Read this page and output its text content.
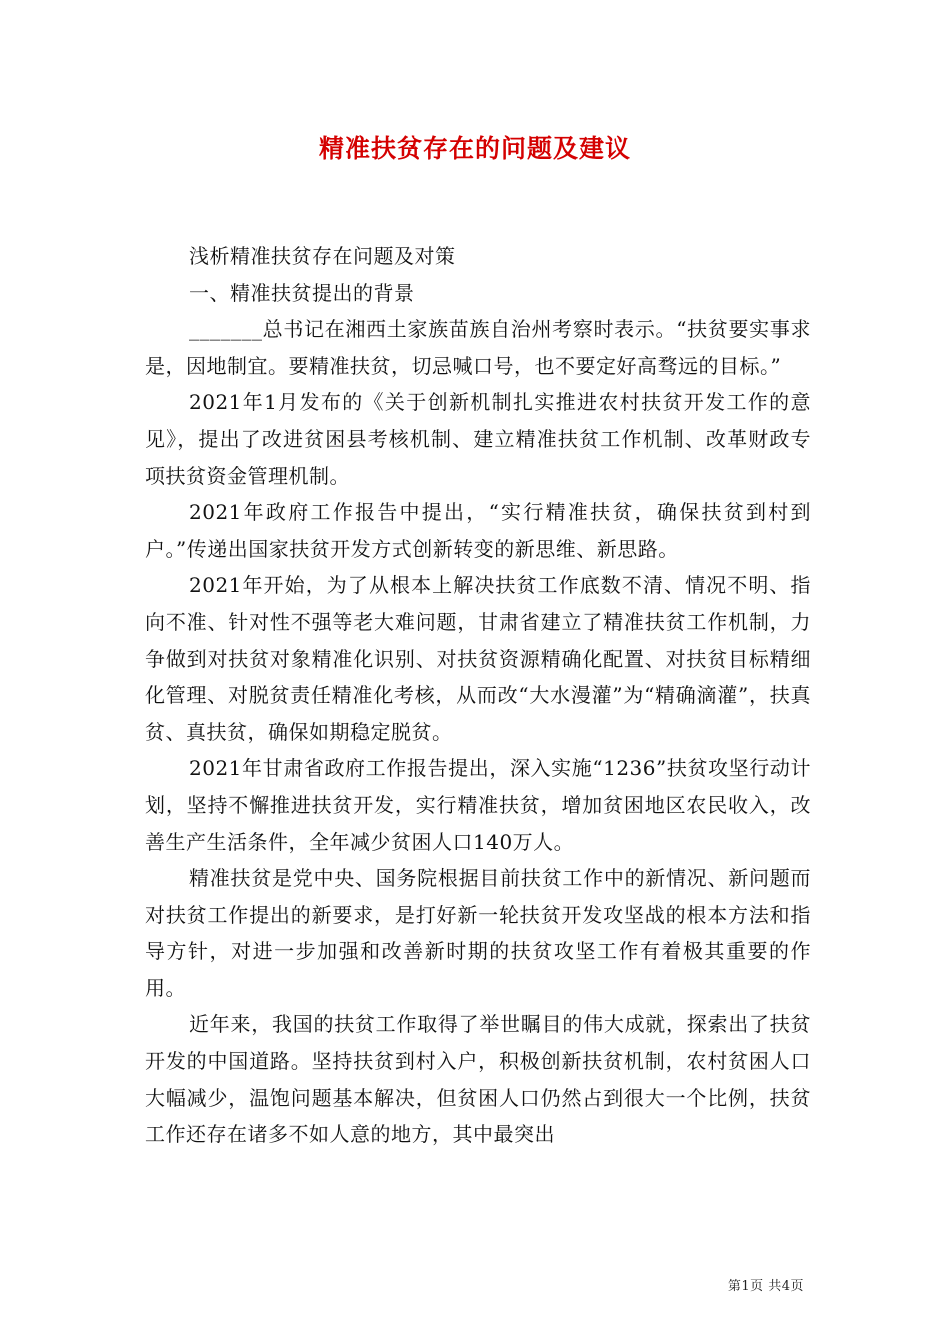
精准扶贫存在的问题及建议

浅析精准扶贫存在问题及对策

一、精准扶贫提出的背景

_______总书记在湘西土家族苗族自治州考察时表示。“扶贫要实事求是，因地制宜。要精准扶贫，切忌喊口号，也不要定好高骛远的目标。”

2021年1月发布的《关于创新机制扎实推进农村扶贫开发工作的意见》，提出了改进贫困县考核机制、建立精准扶贫工作机制、改革财政专项扶贫资金管理机制。

2021年政府工作报告中提出，“实行精准扶贫，确保扶贫到村到户。”传递出国家扶贫开发方式创新转变的新思维、新思路。

2021年开始，为了从根本上解决扶贫工作底数不清、情况不明、指向不准、针对性不强等老大难问题，甘肃省建立了精准扶贫工作机制，力争做到对扶贫对象精准化识别、对扶贫资源精确化配置、对扶贫目标精细化管理、对脱贫责任精准化考核，从而改“大水漫灌”为“精确滴灌”，扶真贫、真扶贫，确保如期稳定脱贫。

2021年甘肃省政府工作报告提出，深入实施“1236”扶贫攻坚行动计划，坚持不懈推进扶贫开发，实行精准扶贫，增加贫困地区农民收入，改善生产生活条件，全年减少贫困人口140万人。

精准扶贫是党中央、国务院根据目前扶贫工作中的新情况、新问题而对扶贫工作提出的新要求，是打好新一轮扶贫开发攻坚战的根本方法和指导方针，对进一步加强和改善新时期的扶贫攻坚工作有着极其重要的作用。

近年来，我国的扶贫工作取得了举世瞩目的伟大成就，探索出了扶贫开发的中国道路。坚持扶贫到村入户，积极创新扶贫机制，农村贫困人口大幅减少，温饱问题基本解决，但贫困人口仍然占到很大一个比例，扶贫工作还存在诸多不如人意的地方，其中最突出

第1页 共4页
